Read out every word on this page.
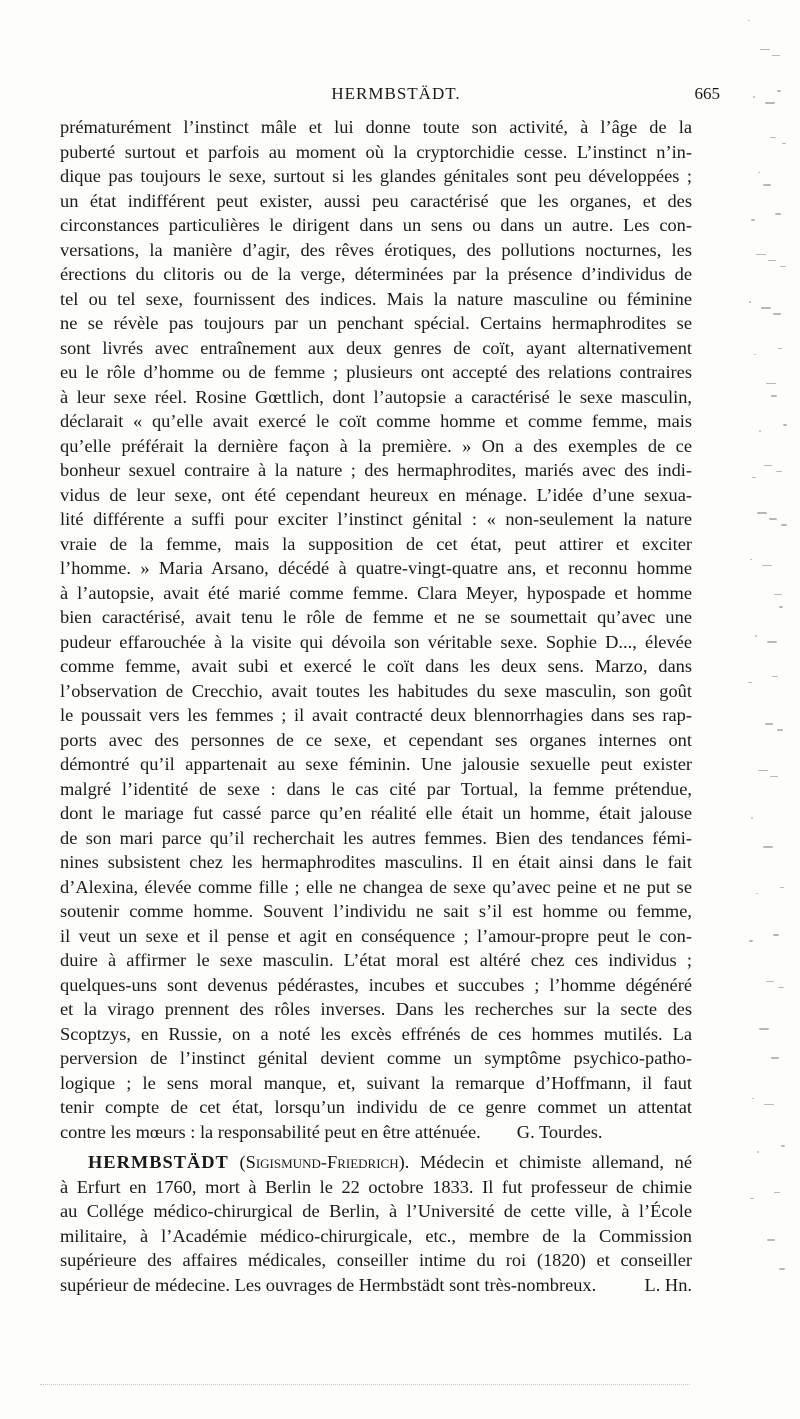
HERMBSTÄDT.	665
prématurément l’instinct mâle et lui donne toute son activité, à l’âge de la
puberté surtout et parfois au moment où la cryptorchidie cesse. L’instinct n’in-
dique pas toujours le sexe, surtout si les glandes génitales sont peu développées ;
un état indifférent peut exister, aussi peu caractérisé que les organes, et des
circonstances particulières le dirigent dans un sens ou dans un autre. Les con-
versations, la manière d’agir, des rêves érotiques, des pollutions nocturnes, les
érections du clitoris ou de la verge, déterminées par la présence d’individus de
tel ou tel sexe, fournissent des indices. Mais la nature masculine ou féminine
ne se révèle pas toujours par un penchant spécial. Certains hermaphrodites se
sont livrés avec entraînement aux deux genres de coït, ayant alternativement
eu le rôle d’homme ou de femme ; plusieurs ont accepté des relations contraires
à leur sexe réel. Rosine Gœttlich, dont l’autopsie a caractérisé le sexe masculin,
déclarait « qu’elle avait exercé le coït comme homme et comme femme, mais
qu’elle préférait la dernière façon à la première. » On a des exemples de ce
bonheur sexuel contraire à la nature ; des hermaphrodites, mariés avec des indi-
vidus de leur sexe, ont été cependant heureux en ménage. L’idée d’une sexua-
lité différente a suffi pour exciter l’instinct génital : « non-seulement la nature
vraie de la femme, mais la supposition de cet état, peut attirer et exciter
l’homme. » Maria Arsano, décédé à quatre-vingt-quatre ans, et reconnu homme
à l’autopsie, avait été marié comme femme. Clara Meyer, hypospade et homme
bien caractérisé, avait tenu le rôle de femme et ne se soumettait qu’avec une
pudeur effarouchée à la visite qui dévoila son véritable sexe. Sophie D..., élevée
comme femme, avait subi et exercé le coït dans les deux sens. Marzo, dans
l’observation de Crecchio, avait toutes les habitudes du sexe masculin, son goût
le poussait vers les femmes ; il avait contracté deux blennorrhagies dans ses rap-
ports avec des personnes de ce sexe, et cependant ses organes internes ont
démontré qu’il appartenait au sexe féminin. Une jalousie sexuelle peut exister
malgré l’identité de sexe : dans le cas cité par Tortual, la femme prétendue,
dont le mariage fut cassé parce qu’en réalité elle était un homme, était jalouse
de son mari parce qu’il recherchait les autres femmes. Bien des tendances fémi-
nines subsistent chez les hermaphrodites masculins. Il en était ainsi dans le fait
d’Alexina, élevée comme fille ; elle ne changea de sexe qu’avec peine et ne put se
soutenir comme homme. Souvent l’individu ne sait s’il est homme ou femme,
il veut un sexe et il pense et agit en conséquence ; l’amour-propre peut le con-
duire à affirmer le sexe masculin. L’état moral est altéré chez ces individus ;
quelques-uns sont devenus pédérastes, incubes et succubes ; l’homme dégénéré
et la virago prennent des rôles inverses. Dans les recherches sur la secte des
Scoptzys, en Russie, on a noté les excès effrénés de ces hommes mutilés. La
perversion de l’instinct génital devient comme un symptôme psychico-patho-
logique ; le sens moral manque, et, suivant la remarque d’Hoffmann, il faut
tenir compte de cet état, lorsqu’un individu de ce genre commet un attentat
contre les mœurs : la responsabilité peut en être atténuée. G. Tourdes.
HERMBSTÄDT (Sigismund-Friedrich). Médecin et chimiste allemand, né
à Erfurt en 1760, mort à Berlin le 22 octobre 1833. Il fut professeur de chimie
au Collége médico-chirurgical de Berlin, à l’Université de cette ville, à l’École
militaire, à l’Académie médico-chirurgicale, etc., membre de la Commission
supérieure des affaires médicales, conseiller intime du roi (1820) et conseiller
supérieur de médecine. Les ouvrages de Hermbstädt sont très-nombreux.	L. Hn.
